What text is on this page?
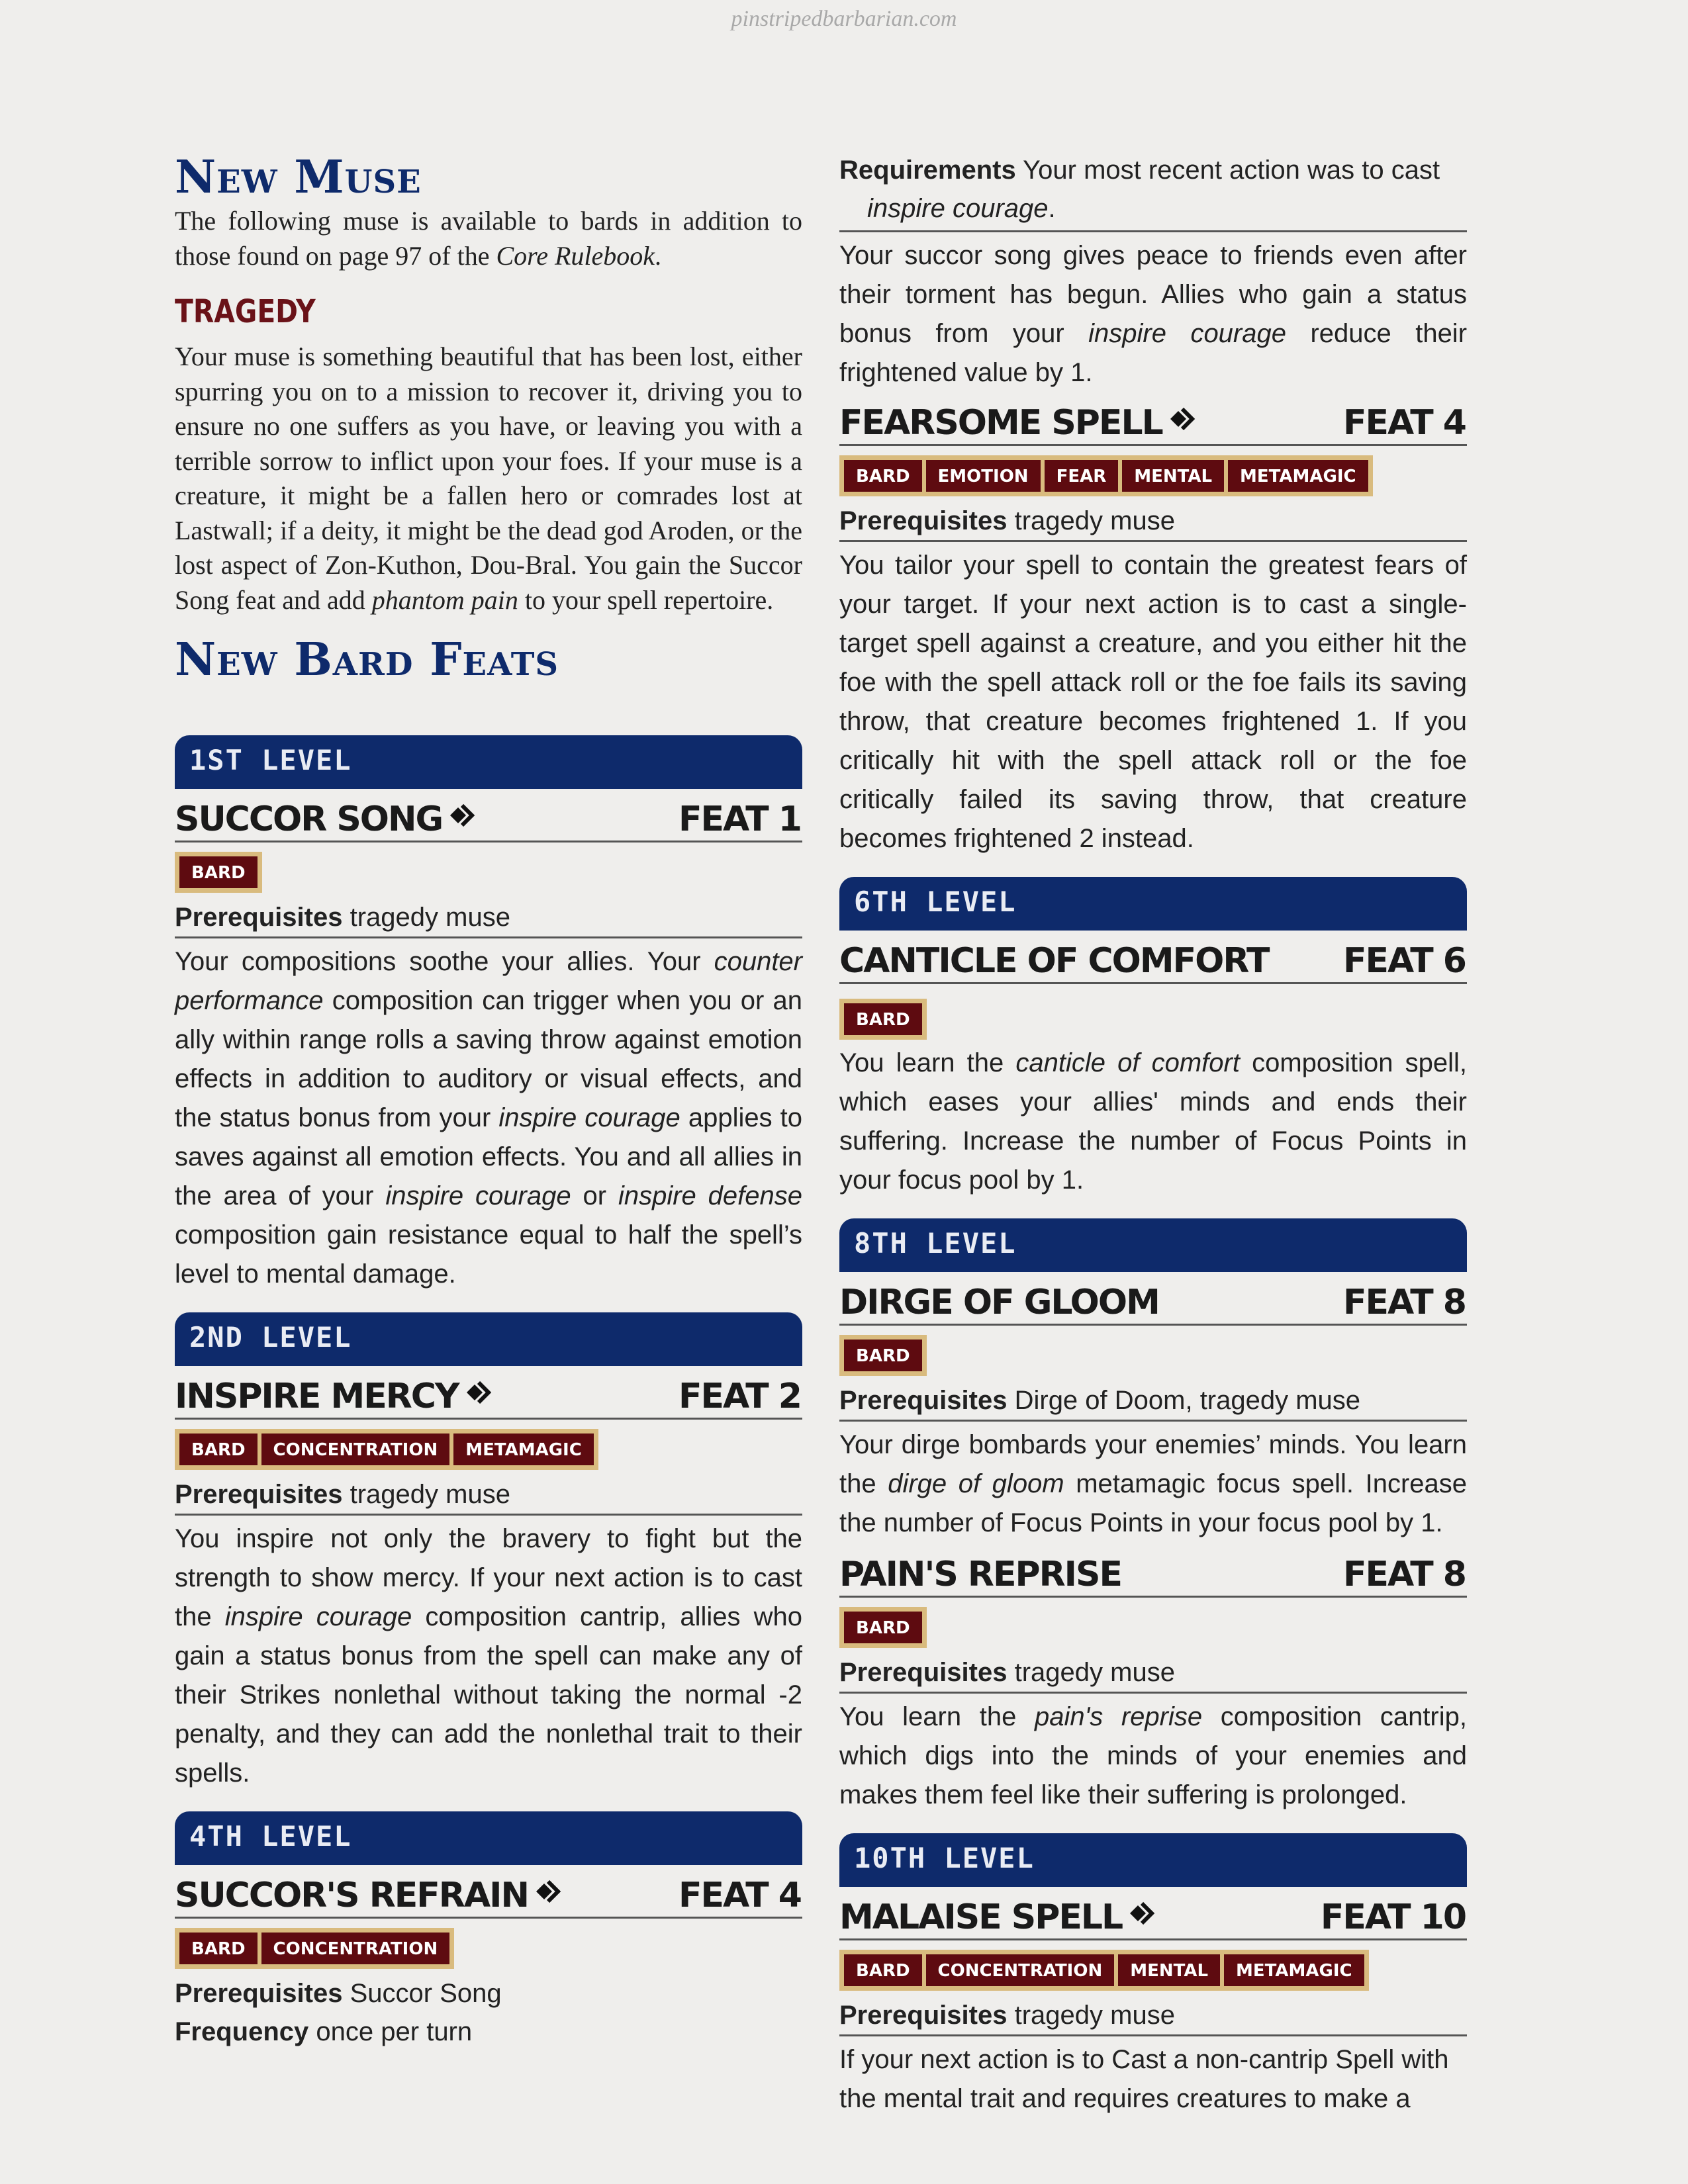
pinstripedbarbarian.com
New Muse

The following muse is available to bards in addition to those found on page 97 of the Core Rulebook.

TRAGEDY

Your muse is something beautiful that has been lost, either spurring you on to a mission to recover it, driving you to ensure no one suffers as you have, or leaving you with a terrible sorrow to inflict upon your foes. If your muse is a creature, it might be a fallen hero or comrades lost at Lastwall; if a deity, it might be the dead god Aroden, or the lost aspect of Zon-Kuthon, Dou-Bral. You gain the Succor Song feat and add phantom pain to your spell repertoire.

New Bard Feats
1ST LEVEL
SUCCOR SONG	FEAT 1
BARD
Prerequisites tragedy muse

Your compositions soothe your allies. Your counter performance composition can trigger when you or an ally within range rolls a saving throw against emotion effects in addition to auditory or visual effects, and the status bonus from your inspire courage applies to saves against all emotion effects. You and all allies in the area of your inspire courage or inspire defense composition gain resistance equal to half the spell’s level to mental damage.

2ND LEVEL
INSPIRE MERCY	FEAT 2
BARD	CONCENTRATION	METAMAGIC
Prerequisites tragedy muse

You inspire not only the bravery to fight but the strength to show mercy. If your next action is to cast the inspire courage composition cantrip, allies who gain a status bonus from the spell can make any of their Strikes nonlethal without taking the normal -2 penalty, and they can add the nonlethal trait to their spells.

4TH LEVEL
SUCCOR'S REFRAIN	FEAT 4
BARD	CONCENTRATION
Prerequisites Succor Song
Frequency once per turn
Requirements Your most recent action was to cast
inspire courage.

Your succor song gives peace to friends even after their torment has begun. Allies who gain a status bonus from your inspire courage reduce their frightened value by 1.

FEARSOME SPELL	FEAT 4
BARD	EMOTION	FEAR	MENTAL	METAMAGIC
Prerequisites tragedy muse

You tailor your spell to contain the greatest fears of your target. If your next action is to cast a single-target spell against a creature, and you either hit the foe with the spell attack roll or the foe fails its saving throw, that creature becomes frightened 1. If you critically hit with the spell attack roll or the foe critically failed its saving throw, that creature becomes frightened 2 instead.

6TH LEVEL
CANTICLE OF COMFORT FEAT 6
BARD

You learn the canticle of comfort composition spell, which eases your allies' minds and ends their suffering. Increase the number of Focus Points in your focus pool by 1.

8TH LEVEL
DIRGE OF GLOOM	FEAT 8
BARD
Prerequisites Dirge of Doom, tragedy muse

Your dirge bombards your enemies’ minds. You learn the dirge of gloom metamagic focus spell. Increase the number of Focus Points in your focus pool by 1.

PAIN'S REPRISE	FEAT 8
BARD
Prerequisites tragedy muse

You learn the pain's reprise composition cantrip, which digs into the minds of your enemies and makes them feel like their suffering is prolonged.

10TH LEVEL
MALAISE SPELL	FEAT 10
BARD	CONCENTRATION	MENTAL	METAMAGIC
Prerequisites tragedy muse

If your next action is to Cast a non-cantrip Spell with the mental trait and requires creatures to make a
